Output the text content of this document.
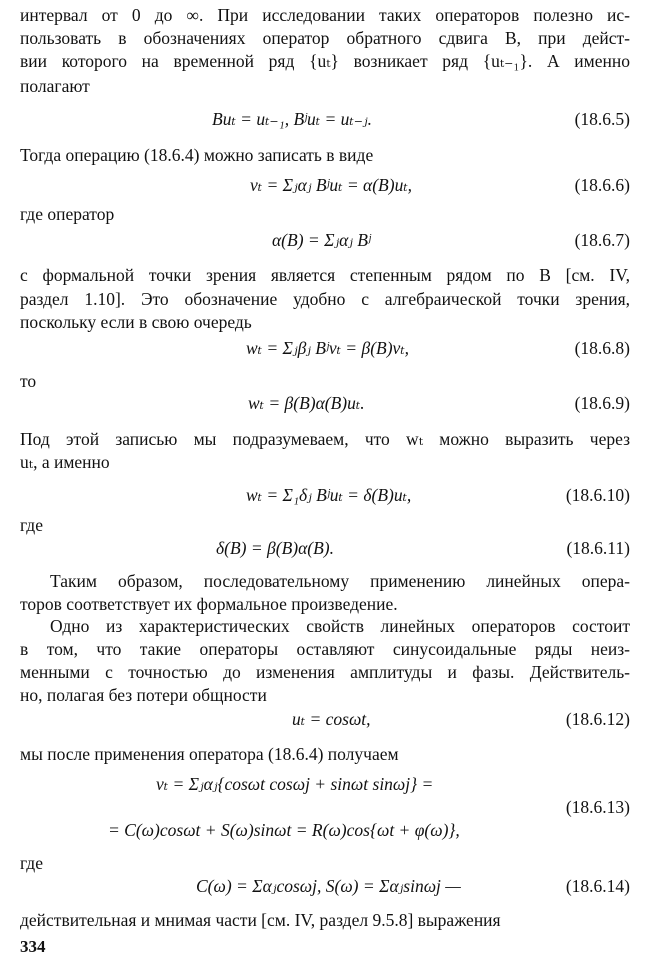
интервал от 0 до ∞. При исследовании таких операторов полезно ис-
пользовать в обозначениях оператор обратного сдвига B, при дейст-
вии которого на временной ряд {uₜ} возникает ряд {uₜ₋₁}. А именно
полагают
Buₜ = uₜ₋₁, Bʲuₜ = uₜ₋ⱼ.	(18.6.5)
Тогда операцию (18.6.4) можно записать в виде
vₜ = Σⱼαⱼ Bʲuₜ = α(B)uₜ,	(18.6.6)
где оператор
α(B) = Σⱼαⱼ Bʲ	(18.6.7)
с формальной точки зрения является степенным рядом по B [см. IV,
раздел 1.10]. Это обозначение удобно с алгебраической точки зрения,
поскольку если в свою очередь
wₜ = Σⱼβⱼ Bʲvₜ = β(B)vₜ,	(18.6.8)
то
wₜ = β(B)α(B)uₜ.	(18.6.9)
Под этой записью мы подразумеваем, что wₜ можно выразить через
uₜ, а именно
wₜ = Σ₁δⱼ Bʲuₜ = δ(B)uₜ,	(18.6.10)
где
δ(B) = β(B)α(B).	(18.6.11)
Таким образом, последовательному применению линейных опера-
торов соответствует их формальное произведение.
Одно из характеристических свойств линейных операторов состоит
в том, что такие операторы оставляют синусоидальные ряды неиз-
менными с точностью до изменения амплитуды и фазы. Действитель-
но, полагая без потери общности
uₜ = cosωt,	(18.6.12)
мы после применения оператора (18.6.4) получаем
vₜ = Σⱼαⱼ{cosωt cosωj + sinωt sinωj} =
(18.6.13)
= C(ω)cosωt + S(ω)sinωt = R(ω)cos{ωt + φ(ω)},
где
C(ω) = Σαⱼcosωj, S(ω) = Σαⱼsinωj —	(18.6.14)
действительная и мнимая части [см. IV, раздел 9.5.8] выражения
334
